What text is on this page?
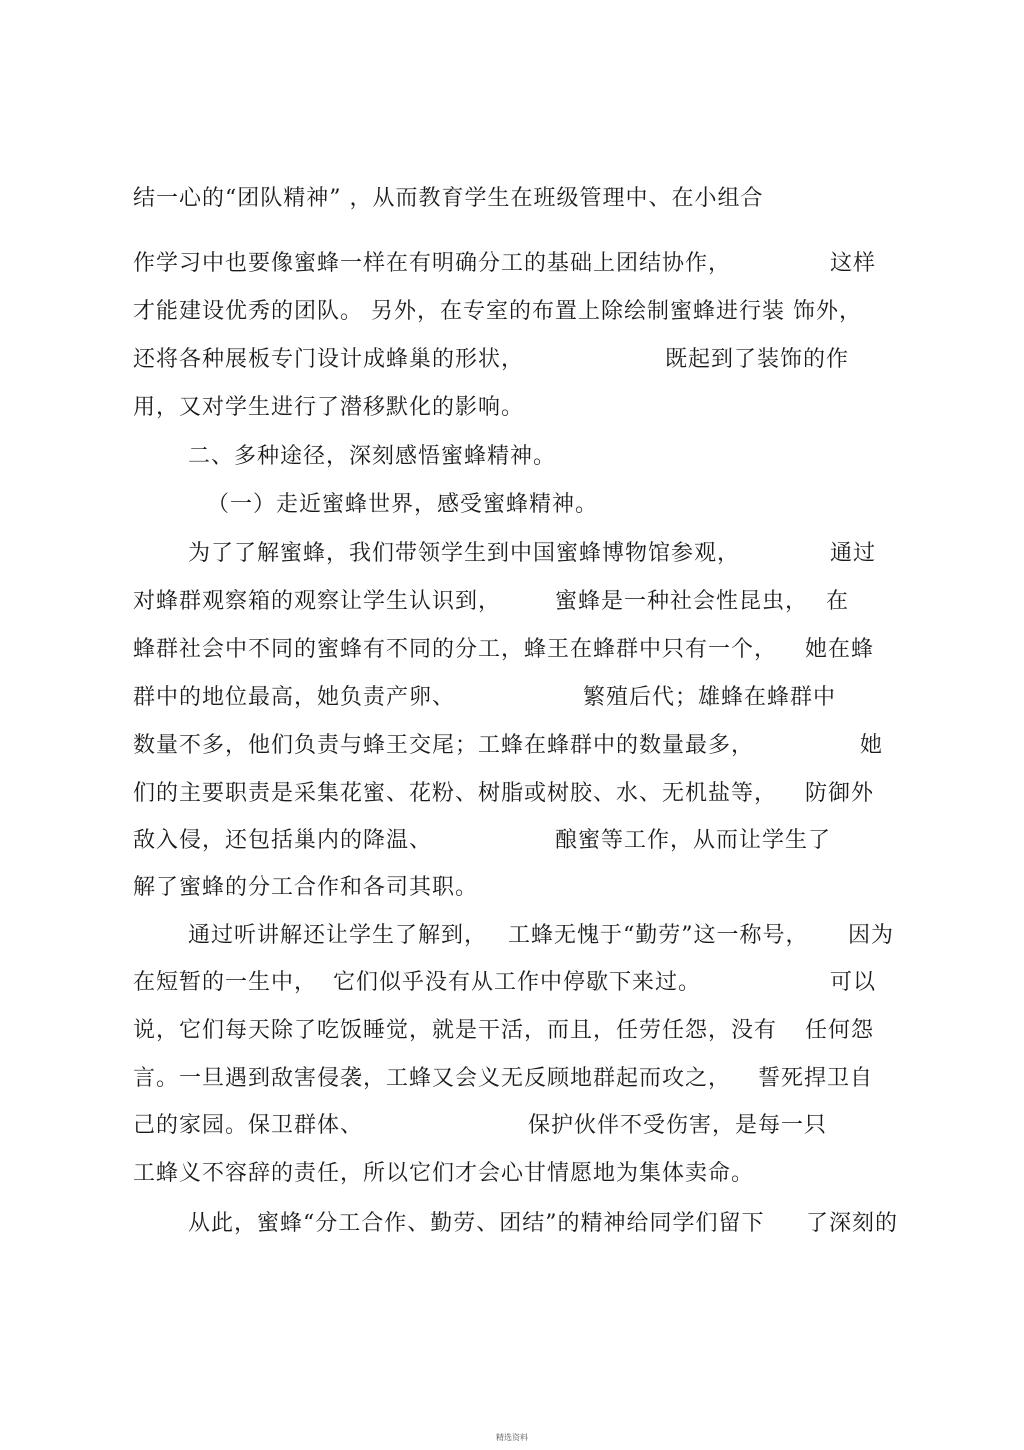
结一心的“团队精神” ，从而教育学生在班级管理中、在小组合
作学习中也要像蜜蜂一样在有明确分工的基础上团结协作，	这样
才能建设优秀的团队。 另外，在专室的布置上除绘制蜜蜂进行装 饰外，
还将各种展板专门设计成蜂巢的形状，	既起到了装饰的作
用，又对学生进行了潜移默化的影响。
二、多种途径，深刻感悟蜜蜂精神。
（一）走近蜜蜂世界，感受蜜蜂精神。
为了了解蜜蜂，我们带领学生到中国蜜蜂博物馆参观，	通过
对蜂群观察箱的观察让学生认识到， 蜜蜂是一种社会性昆虫， 在
蜂群社会中不同的蜜蜂有不同的分工，蜂王在蜂群中只有一个， 她在蜂
群中的地位最高，她负责产卵、	繁殖后代；雄蜂在蜂群中
数量不多，他们负责与蜂王交尾；工蜂在蜂群中的数量最多，	她
们的主要职责是采集花蜜、花粉、树脂或树胶、水、无机盐等， 防御外
敌入侵，还包括巢内的降温、	酿蜜等工作，从而让学生了
解了蜜蜂的分工合作和各司其职。
通过听讲解还让学生了解到， 工蜂无愧于“勤劳”这一称号， 因为
在短暂的一生中， 它们似乎没有从工作中停歇下来过。	可以
说，它们每天除了吃饭睡觉，就是干活，而且，任劳任怨，没有 任何怨
言。一旦遇到敌害侵袭，工蜂又会义无反顾地群起而攻之， 誓死捍卫自
己的家园。保卫群体、	保护伙伴不受伤害，是每一只
工蜂义不容辞的责任，所以它们才会心甘情愿地为集体卖命。
从此，蜜蜂“分工合作、勤劳、团结”的精神给同学们留下 了深刻的
精选资料
